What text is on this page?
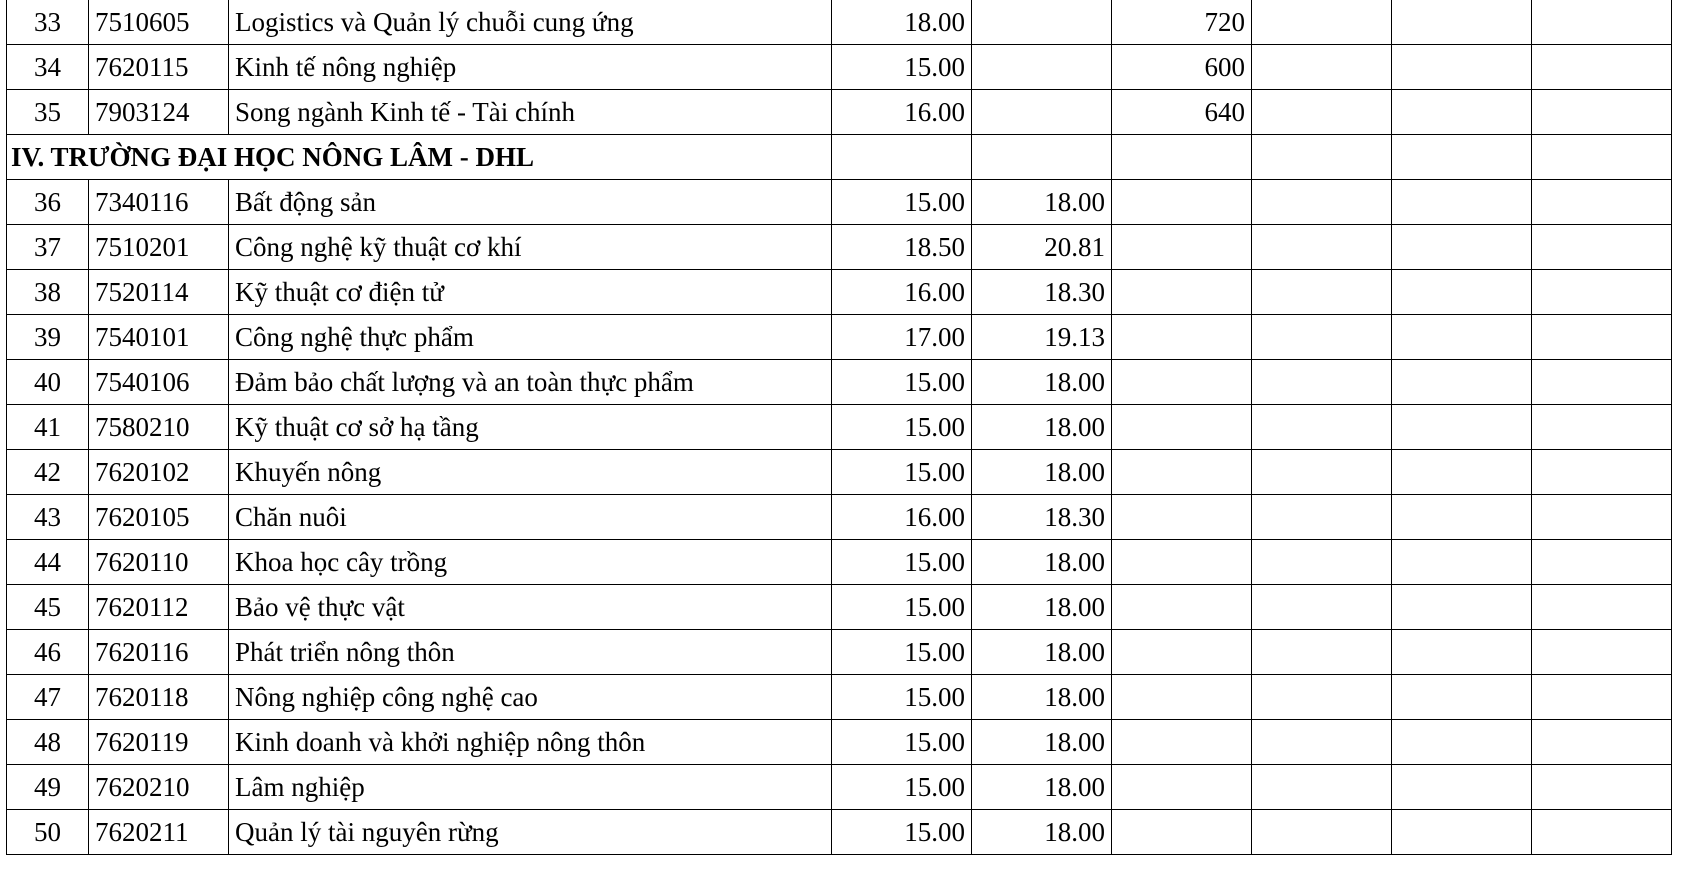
33	7510605	Logistics và Quản lý chuỗi cung ứng	18.00		720			
34	7620115	Kinh tế nông nghiệp	15.00		600			
35	7903124	Song ngành Kinh tế - Tài chính	16.00		640			
IV. TRƯỜNG ĐẠI HỌC NÔNG LÂM - DHL								
36	7340116	Bất động sản	15.00	18.00				
37	7510201	Công nghệ kỹ thuật cơ khí	18.50	20.81				
38	7520114	Kỹ thuật cơ điện tử	16.00	18.30				
39	7540101	Công nghệ thực phẩm	17.00	19.13				
40	7540106	Đảm bảo chất lượng và an toàn thực phẩm	15.00	18.00				
41	7580210	Kỹ thuật cơ sở hạ tầng	15.00	18.00				
42	7620102	Khuyến nông	15.00	18.00				
43	7620105	Chăn nuôi	16.00	18.30				
44	7620110	Khoa học cây trồng	15.00	18.00				
45	7620112	Bảo vệ thực vật	15.00	18.00				
46	7620116	Phát triển nông thôn	15.00	18.00				
47	7620118	Nông nghiệp công nghệ cao	15.00	18.00				
48	7620119	Kinh doanh và khởi nghiệp nông thôn	15.00	18.00				
49	7620210	Lâm nghiệp	15.00	18.00				
50	7620211	Quản lý tài nguyên rừng	15.00	18.00				
